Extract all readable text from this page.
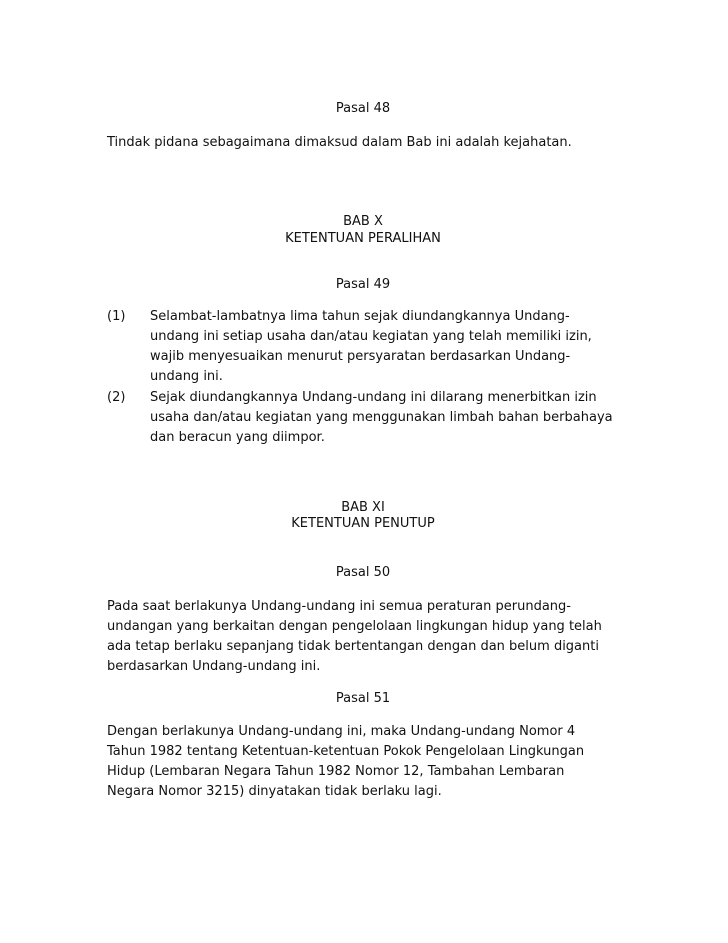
Pasal 48
Tindak pidana sebagaimana dimaksud dalam Bab ini adalah kejahatan.
BAB X
KETENTUAN PERALIHAN
Pasal 49
(1) Selambat-lambatnya lima tahun sejak diundangkannya Undang-
undang ini setiap usaha dan/atau kegiatan yang telah memiliki izin,
wajib menyesuaikan menurut persyaratan berdasarkan Undang-
undang ini.
(2) Sejak diundangkannya Undang-undang ini dilarang menerbitkan izin
usaha dan/atau kegiatan yang menggunakan limbah bahan berbahaya
dan beracun yang diimpor.
BAB XI
KETENTUAN PENUTUP
Pasal 50
Pada saat berlakunya Undang-undang ini semua peraturan perundang-
undangan yang berkaitan dengan pengelolaan lingkungan hidup yang telah
ada tetap berlaku sepanjang tidak bertentangan dengan dan belum diganti
berdasarkan Undang-undang ini.
Pasal 51
Dengan berlakunya Undang-undang ini, maka Undang-undang Nomor 4
Tahun 1982 tentang Ketentuan-ketentuan Pokok Pengelolaan Lingkungan
Hidup (Lembaran Negara Tahun 1982 Nomor 12, Tambahan Lembaran
Negara Nomor 3215) dinyatakan tidak berlaku lagi.
